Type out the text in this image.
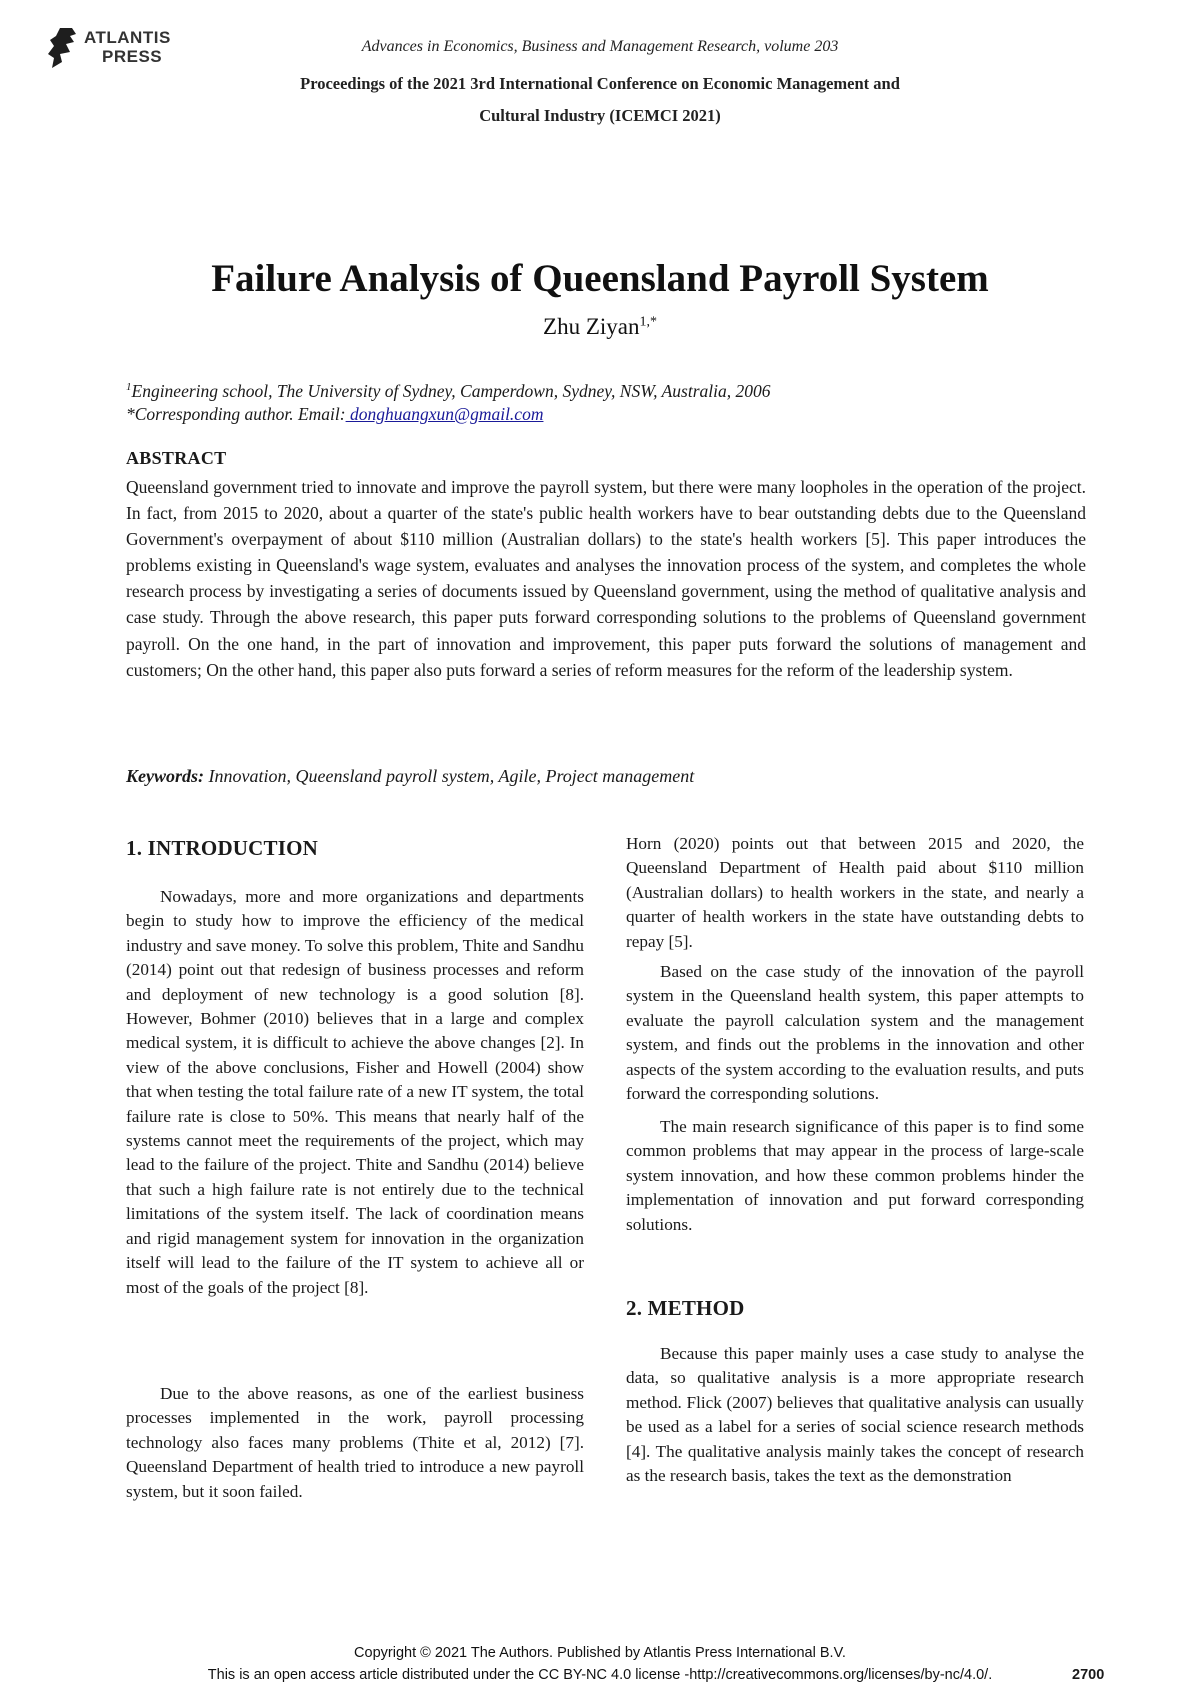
ATLANTIS
PRESS
Advances in Economics, Business and Management Research, volume 203
Proceedings of the 2021 3rd International Conference on Economic Management and
Cultural Industry (ICEMCI 2021)
Failure Analysis of Queensland Payroll System
Zhu Ziyan$^{1,*}$
$^1$Engineering school, The University of Sydney, Camperdown, Sydney, NSW, Australia, 2006
*Corresponding author. Email: donghuangxun@gmail.com
ABSTRACT
Queensland government tried to innovate and improve the payroll system, but there were many loopholes in the operation of the project. In fact, from 2015 to 2020, about a quarter of the state's public health workers have to bear outstanding debts due to the Queensland Government's overpayment of about $110 million (Australian dollars) to the state's health workers [5]. This paper introduces the problems existing in Queensland's wage system, evaluates and analyses the innovation process of the system, and completes the whole research process by investigating a series of documents issued by Queensland government, using the method of qualitative analysis and case study. Through the above research, this paper puts forward corresponding solutions to the problems of Queensland government payroll. On the one hand, in the part of innovation and improvement, this paper puts forward the solutions of management and customers; On the other hand, this paper also puts forward a series of reform measures for the reform of the leadership system.
Keywords: Innovation, Queensland payroll system, Agile, Project management
1. INTRODUCTION

Nowadays, more and more organizations and departments begin to study how to improve the efficiency of the medical industry and save money. To solve this problem, Thite and Sandhu (2014) point out that redesign of business processes and reform and deployment of new technology is a good solution [8]. However, Bohmer (2010) believes that in a large and complex medical system, it is difficult to achieve the above changes [2]. In view of the above conclusions, Fisher and Howell (2004) show that when testing the total failure rate of a new IT system, the total failure rate is close to 50%. This means that nearly half of the systems cannot meet the requirements of the project, which may lead to the failure of the project. Thite and Sandhu (2014) believe that such a high failure rate is not entirely due to the technical limitations of the system itself. The lack of coordination means and rigid management system for innovation in the organization itself will lead to the failure of the IT system to achieve all or most of the goals of the project [8].

Due to the above reasons, as one of the earliest business processes implemented in the work, payroll processing technology also faces many problems (Thite et al, 2012) [7]. Queensland Department of health tried to introduce a new payroll system, but it soon failed.

Horn (2020) points out that between 2015 and 2020, the Queensland Department of Health paid about $110 million (Australian dollars) to health workers in the state, and nearly a quarter of health workers in the state have outstanding debts to repay [5].

Based on the case study of the innovation of the payroll system in the Queensland health system, this paper attempts to evaluate the payroll calculation system and the management system, and finds out the problems in the innovation and other aspects of the system according to the evaluation results, and puts forward the corresponding solutions.

The main research significance of this paper is to find some common problems that may appear in the process of large-scale system innovation, and how these common problems hinder the implementation of innovation and put forward corresponding solutions.

2. METHOD

Because this paper mainly uses a case study to analyse the data, so qualitative analysis is a more appropriate research method. Flick (2007) believes that qualitative analysis can usually be used as a label for a series of social science research methods [4]. The qualitative analysis mainly takes the concept of research as the research basis, takes the text as the demonstration

Copyright © 2021 The Authors. Published by Atlantis Press International B.V.
This is an open access article distributed under the CC BY-NC 4.0 license -http://creativecommons.org/licenses/by-nc/4.0/.	2700
